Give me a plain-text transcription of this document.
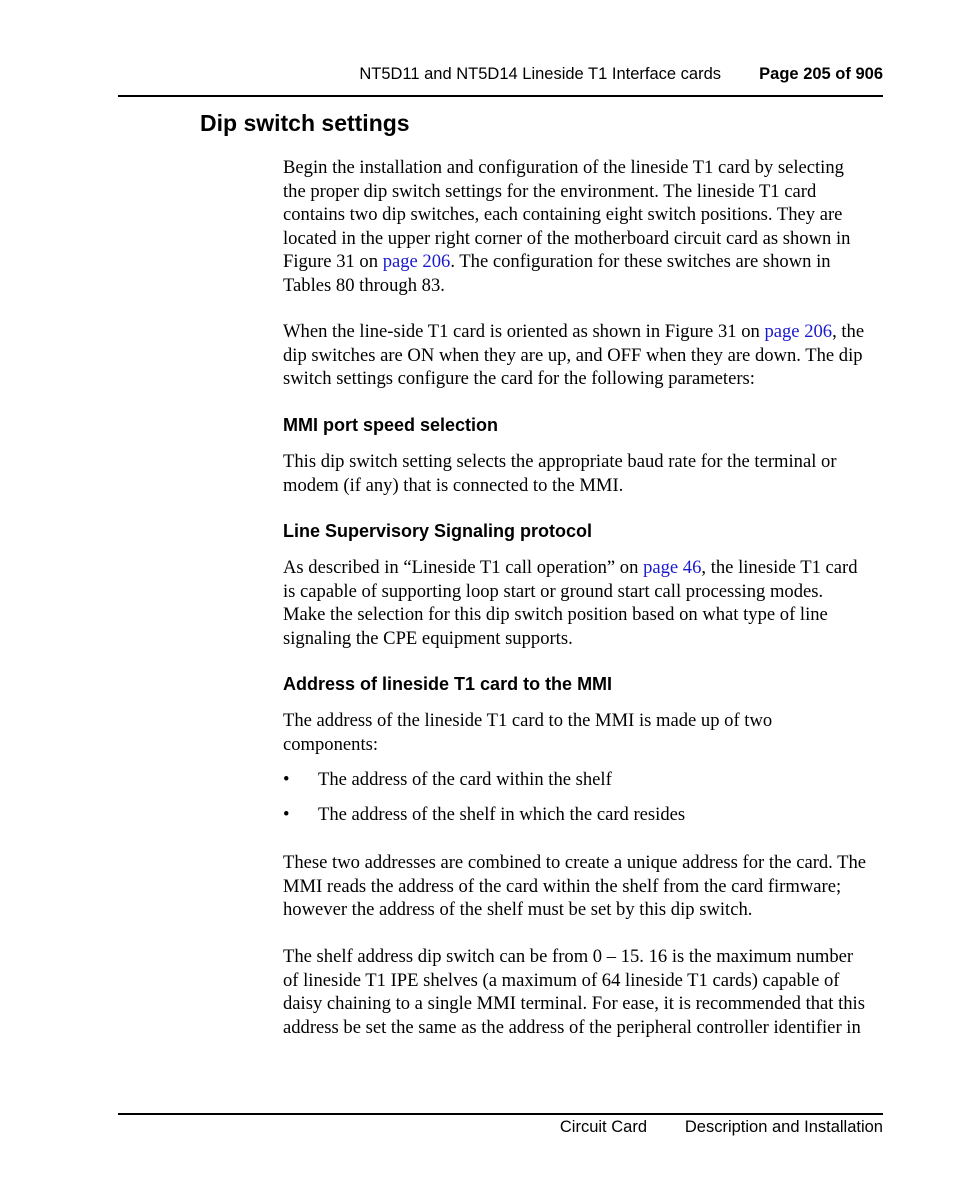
NT5D11 and NT5D14 Lineside T1 Interface cards Page 205 of 906
Dip switch settings
Begin the installation and configuration of the lineside T1 card by selecting
the proper dip switch settings for the environment. The lineside T1 card
contains two dip switches, each containing eight switch positions. They are
located in the upper right corner of the motherboard circuit card as shown in
Figure 31 on page 206. The configuration for these switches are shown in
Tables 80 through 83.
When the line-side T1 card is oriented as shown in Figure 31 on page 206, the
dip switches are ON when they are up, and OFF when they are down. The dip
switch settings configure the card for the following parameters:
MMI port speed selection
This dip switch setting selects the appropriate baud rate for the terminal or
modem (if any) that is connected to the MMI.
Line Supervisory Signaling protocol
As described in “Lineside T1 call operation” on page 46, the lineside T1 card
is capable of supporting loop start or ground start call processing modes.
Make the selection for this dip switch position based on what type of line
signaling the CPE equipment supports.
Address of lineside T1 card to the MMI
The address of the lineside T1 card to the MMI is made up of two
components:
• The address of the card within the shelf
• The address of the shelf in which the card resides
These two addresses are combined to create a unique address for the card. The
MMI reads the address of the card within the shelf from the card firmware;
however the address of the shelf must be set by this dip switch.
The shelf address dip switch can be from 0 – 15. 16 is the maximum number
of lineside T1 IPE shelves (a maximum of 64 lineside T1 cards) capable of
daisy chaining to a single MMI terminal. For ease, it is recommended that this
address be set the same as the address of the peripheral controller identifier in
Circuit Card Description and Installation
